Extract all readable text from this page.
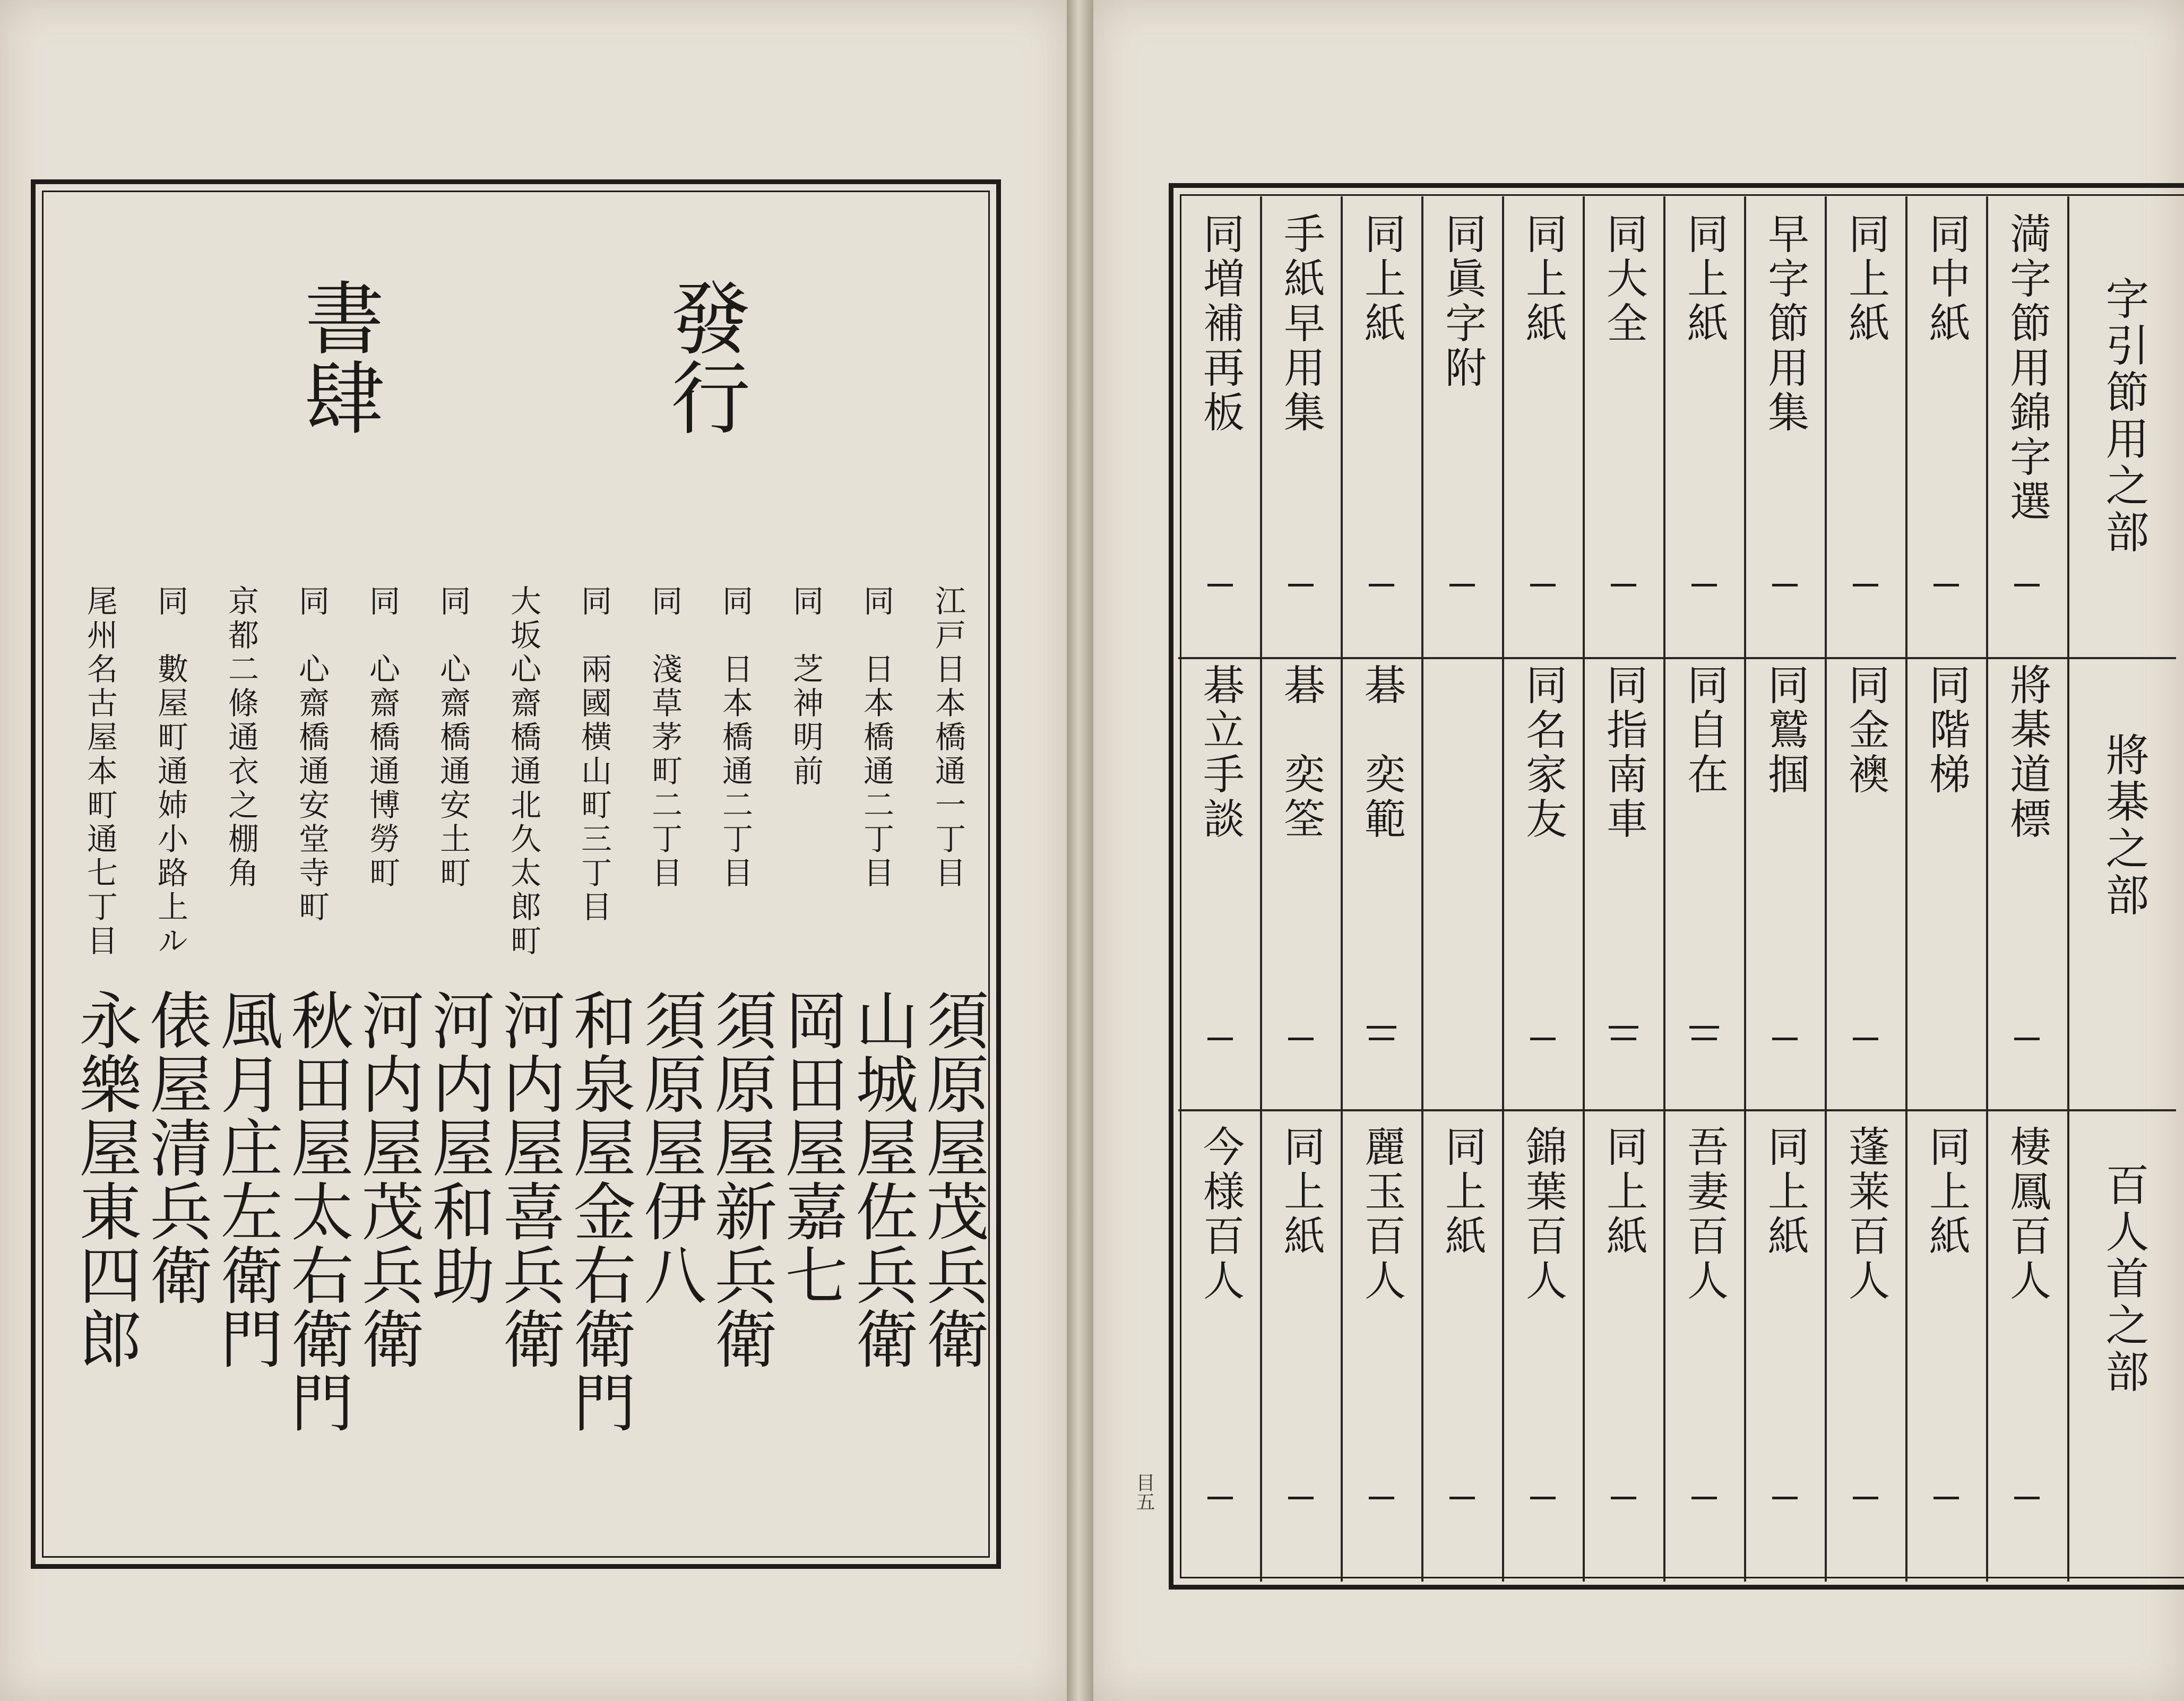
發行
書肆
江戸日本橋通一丁目
同　日本橋通二丁目
同　芝神明前
同　日本橋通二丁目
同　淺草茅町二丁目
同　兩國横山町三丁目
大坂心齋橋通北久太郎町
同　心齋橋通安土町
同　心齋橋通博勞町
同　心齋橋通安堂寺町
京都二條通衣之棚角
同　數屋町通姉小路上ル
尾州名古屋本町通七丁目
須原屋茂兵衛
山城屋佐兵衛
岡田屋嘉七
須原屋新兵衛
須原屋伊八
和泉屋金右衛門
河内屋喜兵衛
河内屋和助
河内屋茂兵衛
秋田屋太右衛門
風月庄左衛門
俵屋清兵衛
永樂屋東四郎
字引節用之部
將棊之部
百人首之部
満字節用錦字選
將棊道標
棲鳳百人
同中紙
同階梯
同上紙
同上紙
同金襖
蓬莱百人
早字節用集
同鷲掴
同上紙
同上紙
同自在
吾妻百人
同大全
同指南車
同上紙
同上紙
同名家友
錦葉百人
同眞字附
同上紙
同上紙
碁　奕範
麗玉百人
手紙早用集
碁　奕筌
同上紙
同増補再板
碁立手談
今様百人
目五
